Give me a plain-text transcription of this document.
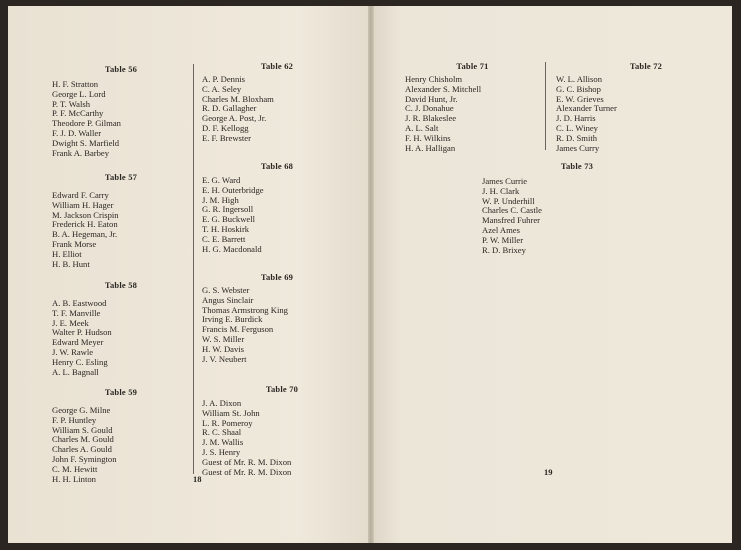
Table 56
H. F. Stratton
George L. Lord
P. T. Walsh
P. F. McCarthy
Theodore P. Gilman
F. J. D. Waller
Dwight S. Marfield
Frank A. Barbey
Table 57
Edward F. Carry
William H. Hager
M. Jackson Crispin
Frederick H. Eaton
B. A. Hegeman, Jr.
Frank Morse
H. Elliot
H. B. Hunt
Table 58
A. B. Eastwood
T. F. Manville
J. E. Meek
Walter P. Hudson
Edward Meyer
J. W. Rawle
Henry C. Esling
A. L. Bagnall
Table 59
George G. Milne
F. P. Huntley
William S. Gould
Charles M. Gould
Charles A. Gould
John F. Symington
C. M. Hewitt
H. H. Linton
Table 62
A. P. Dennis
C. A. Seley
Charles M. Bloxham
R. D. Gallagher
George A. Post, Jr.
D. F. Kellogg
E. F. Brewster
Table 68
E. G. Ward
E. H. Outerbridge
J. M. High
G. R. Ingersoll
E. G. Buckwell
T. H. Hoskirk
C. E. Barrett
H. G. Macdonald
Table 69
G. S. Webster
Angus Sinclair
Thomas Armstrong King
Irving E. Burdick
Francis M. Ferguson
W. S. Miller
H. W. Davis
J. V. Neubert
Table 70
J. A. Dixon
William St. John
L. R. Pomeroy
R. C. Shaal
J. M. Wallis
J. S. Henry
Guest of Mr. R. M. Dixon
Guest of Mr. R. M. Dixon
18
Table 71
Henry Chisholm
Alexander S. Mitchell
David Hunt, Jr.
C. J. Donahue
J. R. Blakeslee
A. L. Salt
F. H. Wilkins
H. A. Halligan
Table 72
W. L. Allison
G. C. Bishop
E. W. Grieves
Alexander Turner
J. D. Harris
C. L. Winey
R. D. Smith
James Curry
Table 73
James Currie
J. H. Clark
W. P. Underhill
Charles C. Castle
Mansfred Fuhrer
Azel Ames
P. W. Miller
R. D. Brixey
19
